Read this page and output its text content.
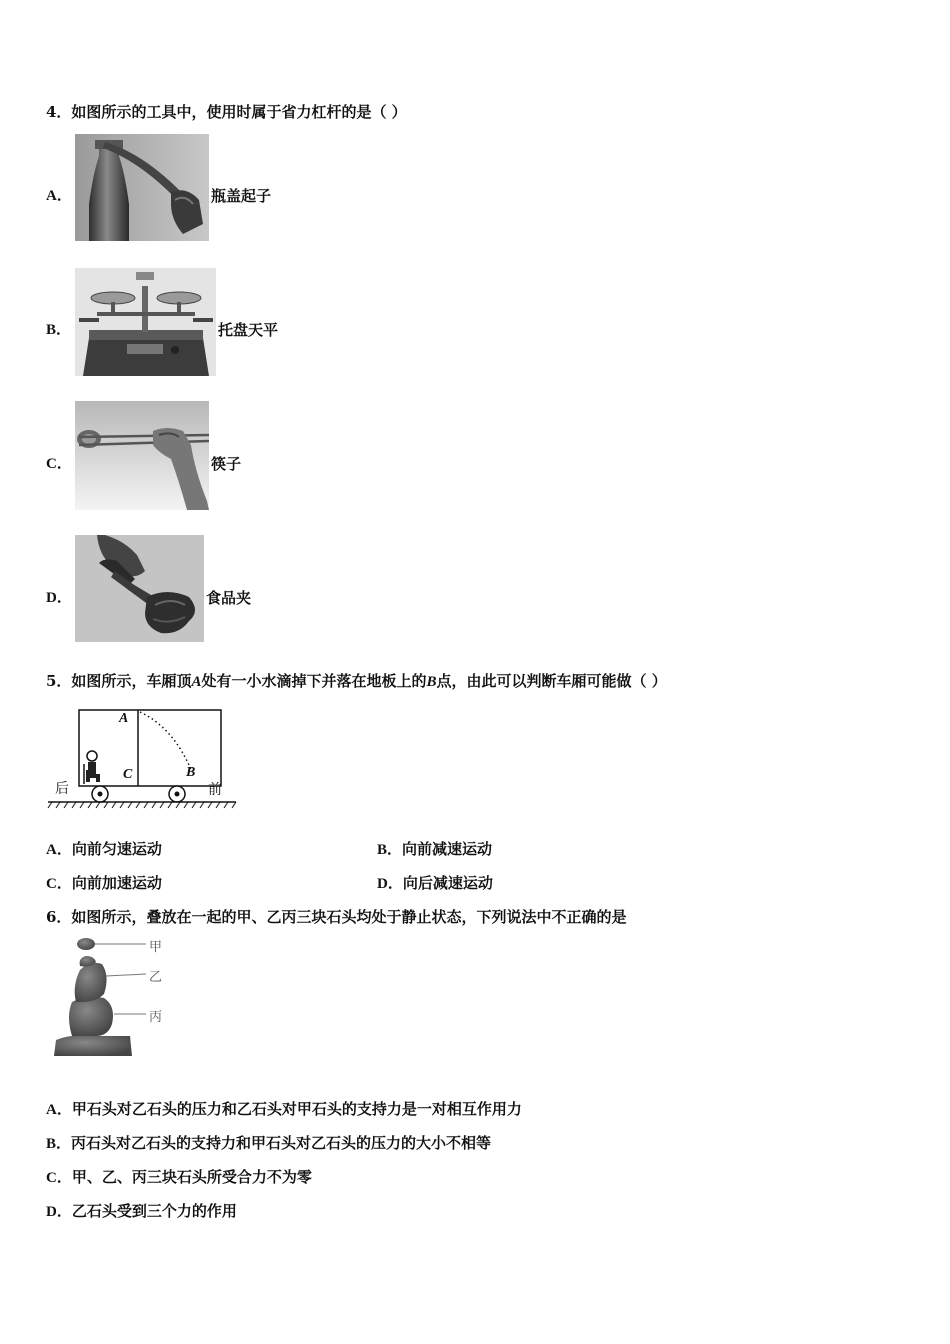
4．如图所示的工具中，使用时属于省力杠杆的是（ ）
A．	瓶盖起子
B．	托盘天平
C．	筷子
D．	食品夹
5．如图所示，车厢顶A处有一小水滴掉下并落在地板上的B点，由此可以判断车厢可能做（ ）
A
B
C
后	前
A．向前匀速运动	B．向前减速运动
C．向前加速运动	D．向后减速运动
6．如图所示，叠放在一起的甲、乙丙三块石头均处于静止状态，下列说法中不正确的是
甲
乙
丙
A．甲石头对乙石头的压力和乙石头对甲石头的支持力是一对相互作用力
B．丙石头对乙石头的支持力和甲石头对乙石头的压力的大小不相等
C．甲、乙、丙三块石头所受合力不为零
D．乙石头受到三个力的作用
